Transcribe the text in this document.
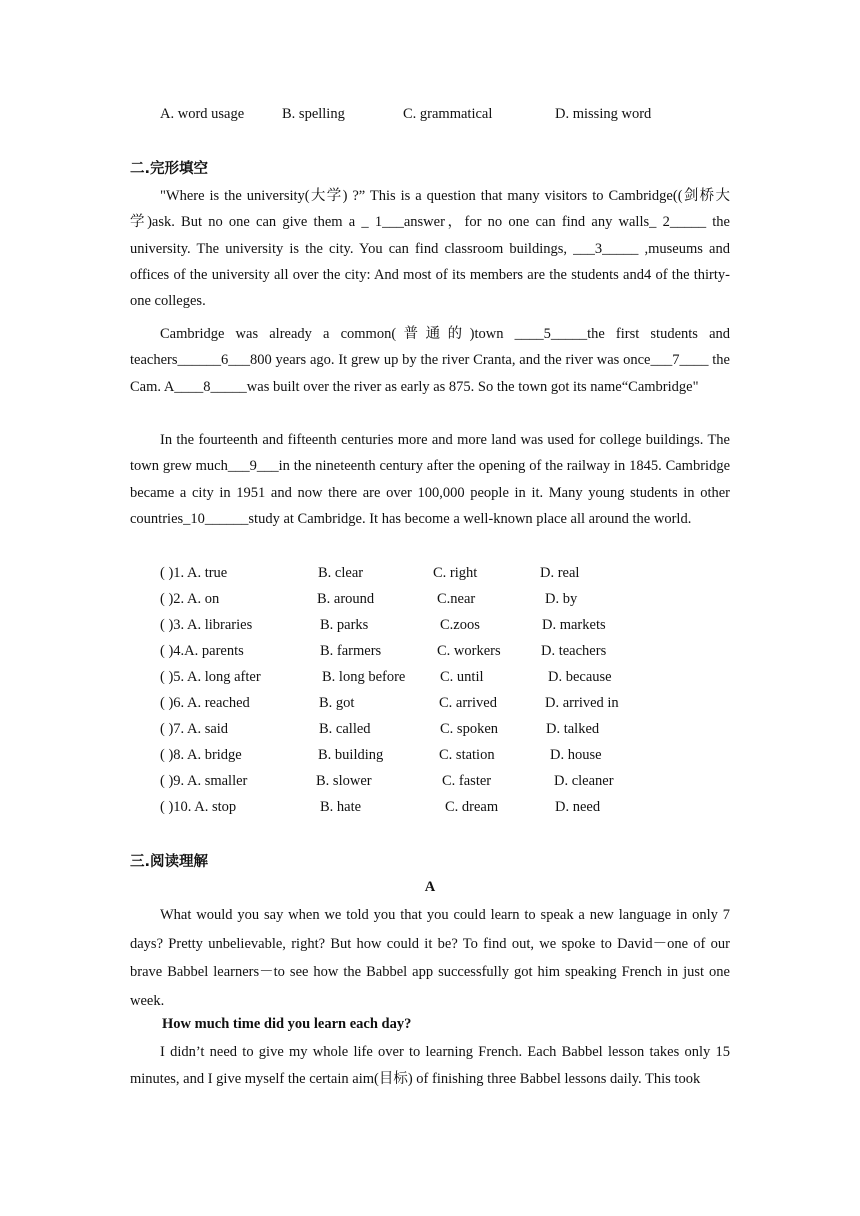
A. word usage	B. spelling	C. grammatical	D. missing word
二.完形填空
"Where is the university(大学) ?” This is a question that many visitors to Cambridge((剑桥大学)ask. But no one can give them a _ 1___answer，for no one can find any walls_ 2_____ the university. The university is the city. You can find classroom buildings, ___3_____ ,museums and offices of the university all over the city: And most of its members are the students and4 of the thirty-one colleges.
Cambridge was already a common(普通的)town ____5_____the first students and teachers______6___800 years ago. It grew up by the river Cranta, and the river was once___7____ the Cam. A____8_____was built over the river as early as 875. So the town got its name“Cambridge"
In the fourteenth and fifteenth centuries more and more land was used for college buildings. The town grew much___9___in the nineteenth century after the opening of the railway in 1845. Cambridge became a city in 1951 and now there are over 100,000 people in it. Many young students in other countries_10______study at Cambridge. It has become a well-known place all around the world.
( )1. A. true	B. clear	C. right	D. real
( )2. A. on	B. around	C.near	D. by
( )3. A. libraries	B. parks	C.zoos	D. markets
( )4.A. parents	B. farmers	C. workers	D. teachers
( )5. A. long after	B. long before C. until	D. because
( )6. A. reached	B. got	C. arrived	D. arrived in
( )7. A. said	B. called	C. spoken	D. talked
( )8. A. bridge	B. building	C. station	D. house
( )9. A. smaller	B. slower	C. faster	D. cleaner
( )10. A. stop	B. hate	C. dream	D. need
三.阅读理解
A
What would you say when we told you that you could learn to speak a new language in only 7 days? Pretty unbelievable, right? But how could it be? To find out, we spoke to David－one of our brave Babbel learners－to see how the Babbel app successfully got him speaking French in just one week.
How much time did you learn each day?
I didn’t need to give my whole life over to learning French. Each Babbel lesson takes only 15 minutes, and I give myself the certain aim(目标) of finishing three Babbel lessons daily. This took
